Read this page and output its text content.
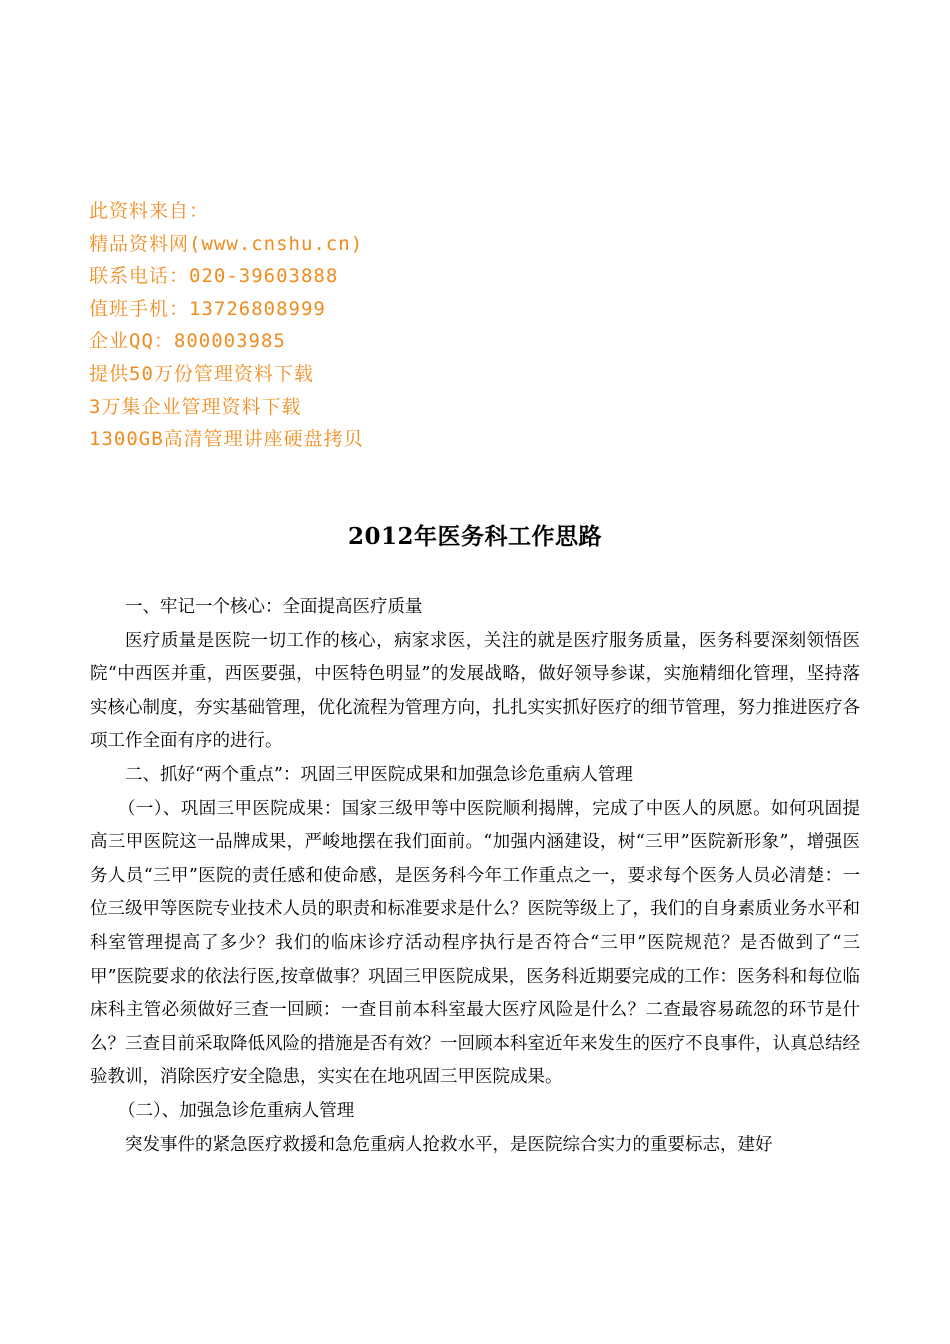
此资料来自：
精品资料网(www.cnshu.cn)
联系电话：020-39603888
值班手机：13726808999
企业QQ：800003985
提供50万份管理资料下载
3万集企业管理资料下载
1300GB高清管理讲座硬盘拷贝
2012年医务科工作思路

一、牢记一个核心：全面提高医疗质量

医疗质量是医院一切工作的核心，病家求医，关注的就是医疗服务质量，医务科要深刻领悟医院“中西医并重，西医要强，中医特色明显”的发展战略，做好领导参谋，实施精细化管理，坚持落实核心制度，夯实基础管理，优化流程为管理方向，扎扎实实抓好医疗的细节管理，努力推进医疗各项工作全面有序的进行。

二、抓好“两个重点”：巩固三甲医院成果和加强急诊危重病人管理

（一）、巩固三甲医院成果：国家三级甲等中医院顺利揭牌，完成了中医人的夙愿。如何巩固提高三甲医院这一品牌成果，严峻地摆在我们面前。“加强内涵建设，树“三甲”医院新形象”，增强医务人员“三甲”医院的责任感和使命感，是医务科今年工作重点之一，要求每个医务人员必清楚：一位三级甲等医院专业技术人员的职责和标准要求是什么？医院等级上了，我们的自身素质业务水平和科室管理提高了多少？我们的临床诊疗活动程序执行是否符合“三甲”医院规范？是否做到了“三甲”医院要求的依法行医,按章做事？巩固三甲医院成果，医务科近期要完成的工作：医务科和每位临床科主管必须做好三查一回顾：一查目前本科室最大医疗风险是什么？二查最容易疏忽的环节是什么？三查目前采取降低风险的措施是否有效？一回顾本科室近年来发生的医疗不良事件，认真总结经验教训，消除医疗安全隐患，实实在在地巩固三甲医院成果。

（二）、加强急诊危重病人管理

突发事件的紧急医疗救援和急危重病人抢救水平，是医院综合实力的重要标志，建好
